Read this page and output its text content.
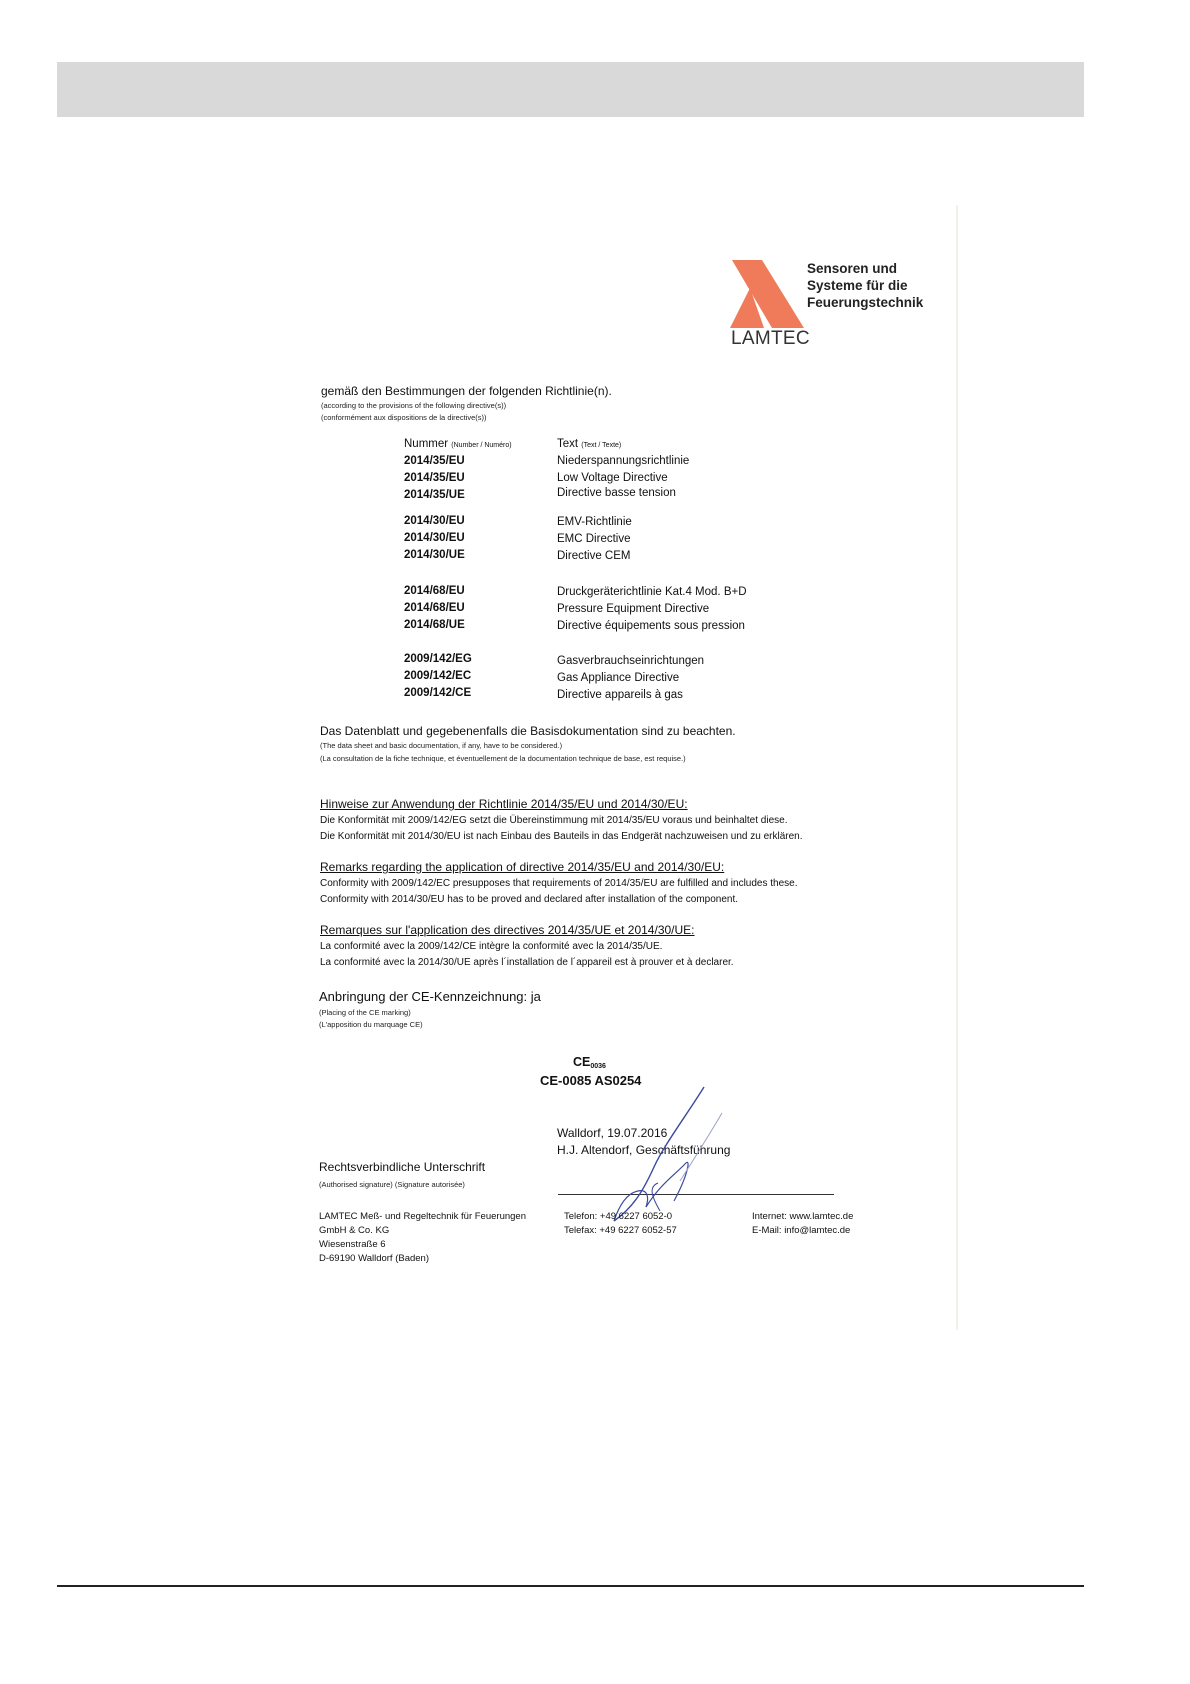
LAMTEC
Sensoren und
Systeme für die
Feuerungstechnik
gemäß den Bestimmungen der folgenden Richtlinie(n).
(according to the provisions of the following directive(s))
(conformément aux dispositions de la directive(s))
Nummer (Number / Numéro)	Text (Text / Texte)
2014/35/EU	Niederspannungsrichtlinie
2014/35/EU	Low Voltage Directive
2014/35/UE	Directive basse tension
2014/30/EU	EMV-Richtlinie
2014/30/EU	EMC Directive
2014/30/UE	Directive CEM
2014/68/EU	Druckgeräterichtlinie Kat.4 Mod. B+D
2014/68/EU	Pressure Equipment Directive
2014/68/UE	Directive équipements sous pression
2009/142/EG	Gasverbrauchseinrichtungen
2009/142/EC	Gas Appliance Directive
2009/142/CE	Directive appareils à gas
Das Datenblatt und gegebenenfalls die Basisdokumentation sind zu beachten.
(The data sheet and basic documentation, if any, have to be considered.)
(La consultation de la fiche technique, et éventuellement de la documentation technique de base, est requise.)
Hinweise zur Anwendung der Richtlinie 2014/35/EU und 2014/30/EU:
Die Konformität mit 2009/142/EG setzt die Übereinstimmung mit 2014/35/EU voraus und beinhaltet diese.
Die Konformität mit 2014/30/EU ist nach Einbau des Bauteils in das Endgerät nachzuweisen und zu erklären.
Remarks regarding the application of directive 2014/35/EU and 2014/30/EU:
Conformity with 2009/142/EC presupposes that requirements of 2014/35/EU are fulfilled and includes these.
Conformity with 2014/30/EU has to be proved and declared after installation of the component.
Remarques sur l'application des directives 2014/35/UE et 2014/30/UE:
La conformité avec la 2009/142/CE intègre la conformité avec la 2014/35/UE.
La conformité avec la 2014/30/UE après l´installation de l´appareil est à prouver et à declarer.
Anbringung der CE-Kennzeichnung: ja
(Placing of the CE marking)
(L'apposition du marquage CE)
$CE_{0036}$
CE-0085 AS0254
Walldorf, 19.07.2016
H.J. Altendorf, Geschäftsführung
Rechtsverbindliche Unterschrift
(Authorised signature) (Signature autorisée)
LAMTEC Meß- und Regeltechnik für Feuerungen
GmbH & Co. KG
Wiesenstraße 6
D-69190 Walldorf (Baden)
Telefon: +49 6227 6052-0
Telefax: +49 6227 6052-57
Internet: www.lamtec.de
E-Mail: info@lamtec.de
